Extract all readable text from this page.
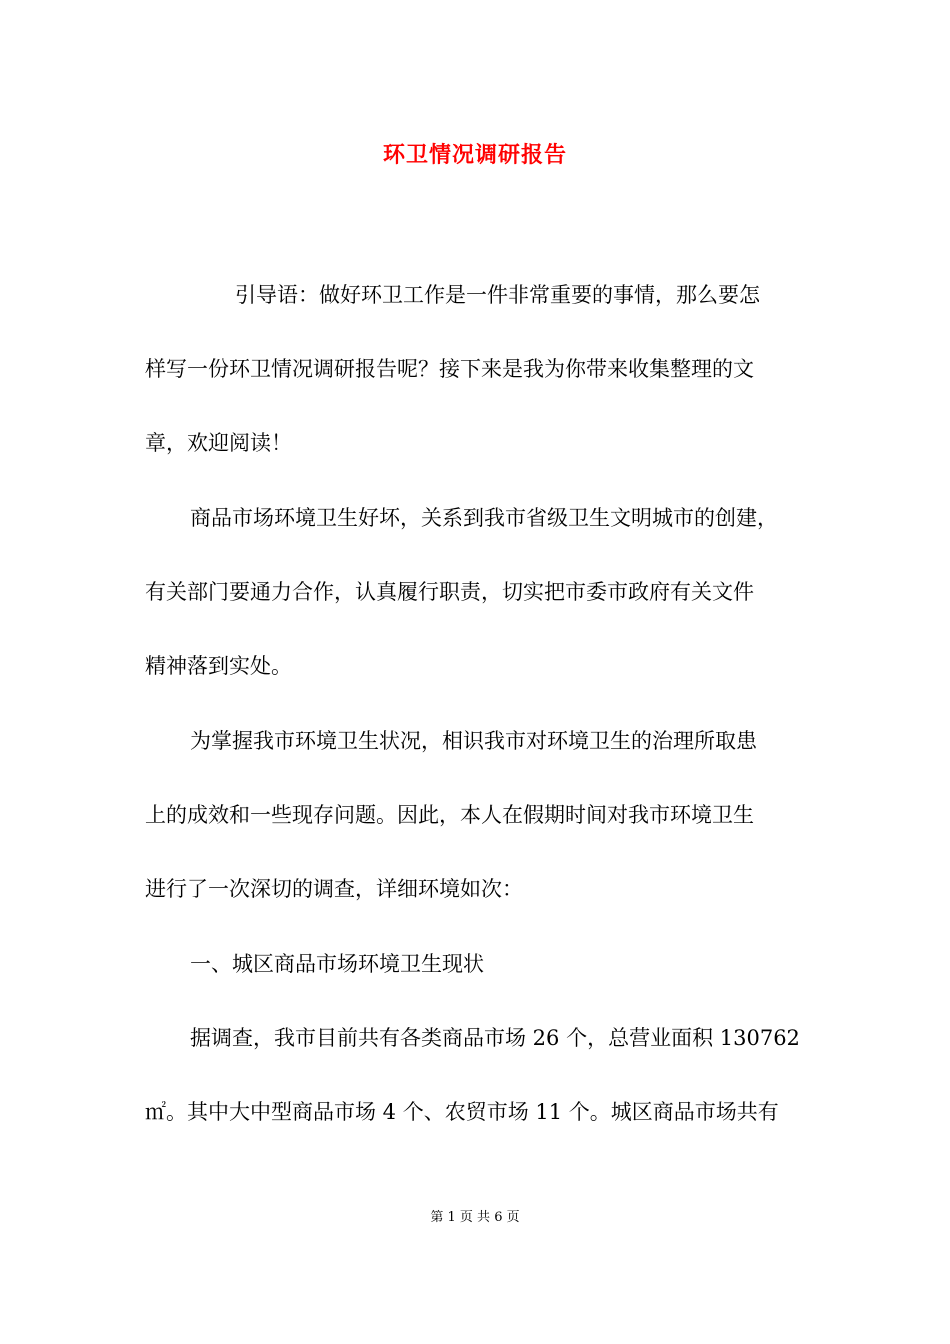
环卫情况调研报告
引导语：做好环卫工作是一件非常重要的事情，那么要怎
样写一份环卫情况调研报告呢？接下来是我为你带来收集整理的文
章，欢迎阅读！
商品市场环境卫生好坏，关系到我市省级卫生文明城市的创建，
有关部门要通力合作，认真履行职责，切实把市委市政府有关文件
精神落到实处。
为掌握我市环境卫生状况，相识我市对环境卫生的治理所取患
上的成效和一些现存问题。因此，本人在假期时间对我市环境卫生
进行了一次深切的调查，详细环境如次：
一、城区商品市场环境卫生现状
据调查，我市目前共有各类商品市场 26 个，总营业面积 130762
㎡。其中大中型商品市场 4 个、农贸市场 11 个。城区商品市场共有
第 1 页 共 6 页
